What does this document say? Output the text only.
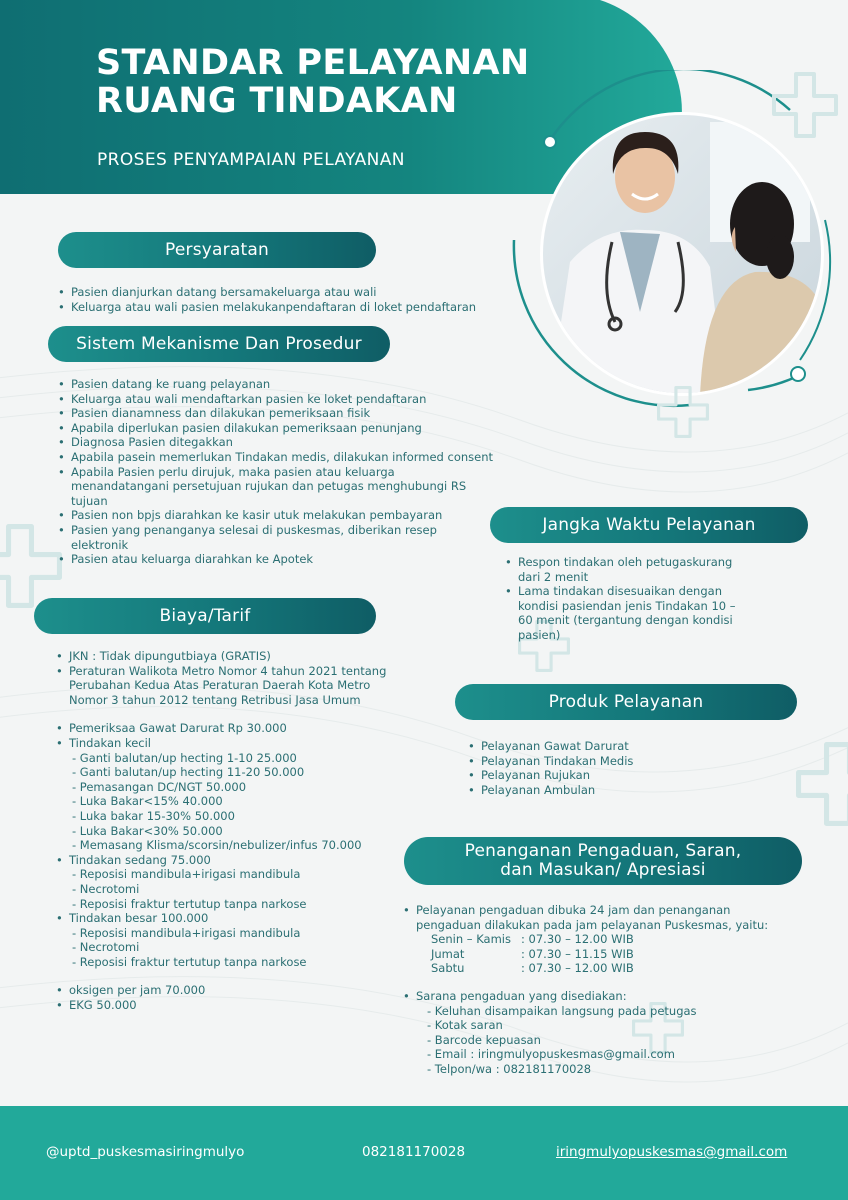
STANDAR PELAYANAN
RUANG TINDAKAN
PROSES PENYAMPAIAN PELAYANAN
Persyaratan
• Pasien dianjurkan datang bersamakeluarga atau wali
• Keluarga atau wali pasien melakukanpendaftaran di loket pendaftaran
Sistem Mekanisme Dan Prosedur
• Pasien datang ke ruang pelayanan
• Keluarga atau wali mendaftarkan pasien ke loket pendaftaran
• Pasien dianamness dan dilakukan pemeriksaan fisik
• Apabila diperlukan pasien dilakukan pemeriksaan penunjang
• Diagnosa Pasien ditegakkan
• Apabila pasein memerlukan Tindakan medis, dilakukan informed consent
• Apabila Pasien perlu dirujuk, maka pasien atau keluarga menandatangani persetujuan rujukan dan petugas menghubungi RS tujuan
• Pasien non bpjs diarahkan ke kasir utuk melakukan pembayaran
• Pasien yang penanganya selesai di puskesmas, diberikan resep elektronik
• Pasien atau keluarga diarahkan ke Apotek
Biaya/Tarif
• JKN : Tidak dipungutbiaya (GRATIS)
• Peraturan Walikota Metro Nomor 4 tahun 2021 tentang Perubahan Kedua Atas Peraturan Daerah Kota Metro Nomor 3 tahun 2012 tentang Retribusi Jasa Umum
• Pemeriksaa Gawat Darurat Rp 30.000
• Tindakan kecil
- Ganti balutan/up hecting 1-10 25.000
- Ganti balutan/up hecting 11-20 50.000
- Pemasangan DC/NGT 50.000
- Luka Bakar<15% 40.000
- Luka bakar 15-30% 50.000
- Luka Bakar<30% 50.000
- Memasang Klisma/scorsin/nebulizer/infus 70.000
• Tindakan sedang 75.000
- Reposisi mandibula+irigasi mandibula
- Necrotomi
- Reposisi fraktur tertutup tanpa narkose
• Tindakan besar 100.000
- Reposisi mandibula+irigasi mandibula
- Necrotomi
- Reposisi fraktur tertutup tanpa narkose
• oksigen per jam 70.000
• EKG 50.000
Jangka Waktu Pelayanan
• Respon tindakan oleh petugaskurang dari 2 menit
• Lama tindakan disesuaikan dengan kondisi pasiendan jenis Tindakan 10 – 60 menit (tergantung dengan kondisi pasien)
Produk Pelayanan
• Pelayanan Gawat Darurat
• Pelayanan Tindakan Medis
• Pelayanan Rujukan
• Pelayanan Ambulan
Penanganan Pengaduan, Saran,
dan Masukan/ Apresiasi
• Pelayanan pengaduan dibuka 24 jam dan penanganan pengaduan dilakukan pada jam pelayanan Puskesmas, yaitu:
Senin – Kamis : 07.30 – 12.00 WIB
Jumat	: 07.30 – 11.15 WIB
Sabtu	: 07.30 – 12.00 WIB
• Sarana pengaduan yang disediakan:
- Keluhan disampaikan langsung pada petugas
- Kotak saran
- Barcode kepuasan
- Email : iringmulyopuskesmas@gmail.com
- Telpon/wa : 082181170028
@uptd_puskesmasiringmulyo	082181170028	iringmulyopuskesmas@gmail.com
